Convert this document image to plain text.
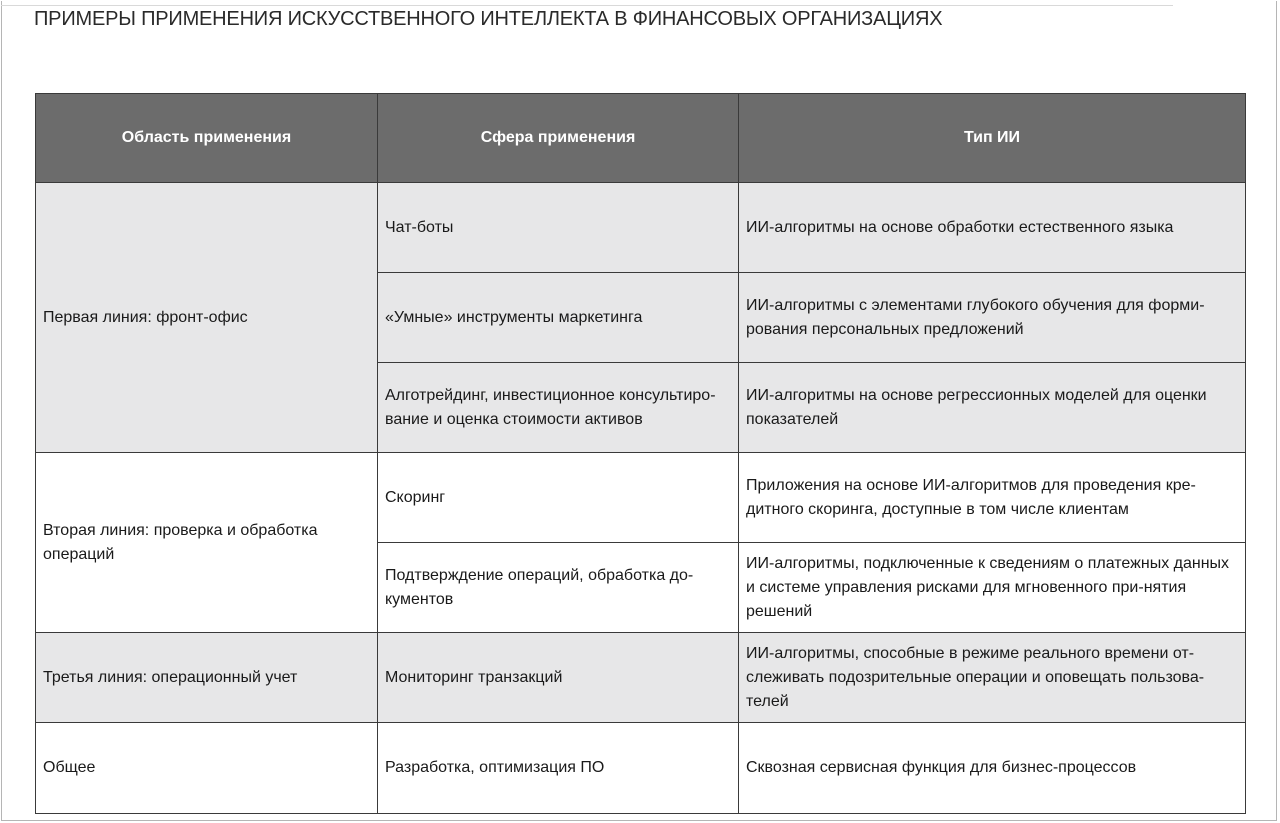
ПРИМЕРЫ ПРИМЕНЕНИЯ ИСКУССТВЕННОГО ИНТЕЛЛЕКТА В ФИНАНСОВЫХ ОРГАНИЗАЦИЯХ
Область применения	Сфера применения	Тип ИИ
Первая линия: фронт-офис	Чат-боты	ИИ-алгоритмы на основе обработки естественного языка
	«Умные» инструменты маркетинга	ИИ-алгоритмы с элементами глубокого обучения для форми-рования персональных предложений
	Алготрейдинг, инвестиционное консультиро-вание и оценка стоимости активов	ИИ-алгоритмы на основе регрессионных моделей для оценки показателей
Вторая линия: проверка и обработка операций	Скоринг	Приложения на основе ИИ-алгоритмов для проведения кре-дитного скоринга, доступные в том числе клиентам
	Подтверждение операций, обработка до-кументов	ИИ-алгоритмы, подключенные к сведениям о платежных данных и системе управления рисками для мгновенного при-нятия решений
Третья линия: операционный учет	Мониторинг транзакций	ИИ-алгоритмы, способные в режиме реального времени от-слеживать подозрительные операции и оповещать пользова-телей
Общее	Разработка, оптимизация ПО	Сквозная сервисная функция для бизнес-процессов
